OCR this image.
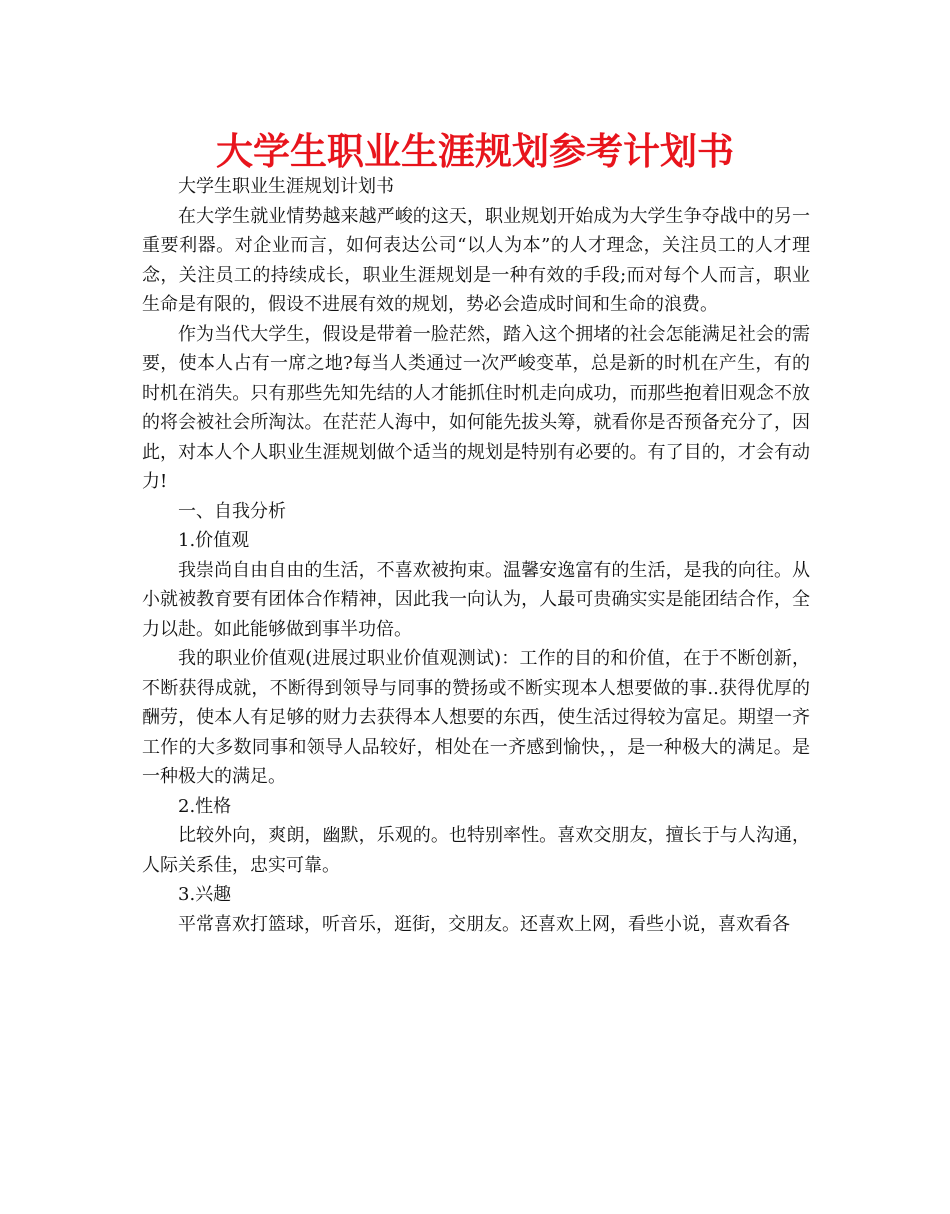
大学生职业生涯规划参考计划书

大学生职业生涯规划计划书

在大学生就业情势越来越严峻的这天，职业规划开始成为大学生争夺战中的另一重要利器。对企业而言，如何表达公司“以人为本”的人才理念，关注员工的人才理念，关注员工的持续成长，职业生涯规划是一种有效的手段;而对每个人而言，职业生命是有限的，假设不进展有效的规划，势必会造成时间和生命的浪费。

作为当代大学生，假设是带着一脸茫然，踏入这个拥堵的社会怎能满足社会的需要，使本人占有一席之地?每当人类通过一次严峻变革，总是新的时机在产生，有的时机在消失。只有那些先知先结的人才能抓住时机走向成功，而那些抱着旧观念不放的将会被社会所淘汰。在茫茫人海中，如何能先拔头筹，就看你是否预备充分了，因此，对本人个人职业生涯规划做个适当的规划是特别有必要的。有了目的，才会有动力!

一、自我分析

1.价值观

我崇尚自由自由的生活，不喜欢被拘束。温馨安逸富有的生活，是我的向往。从小就被教育要有团体合作精神，因此我一向认为，人最可贵确实实是能团结合作，全力以赴。如此能够做到事半功倍。

我的职业价值观(进展过职业价值观测试)：工作的目的和价值，在于不断创新，不断获得成就，不断得到领导与同事的赞扬或不断实现本人想要做的事..获得优厚的酬劳，使本人有足够的财力去获得本人想要的东西，使生活过得较为富足。期望一齐工作的大多数同事和领导人品较好，相处在一齐感到愉快，，是一种极大的满足。是一种极大的满足。

2.性格

比较外向，爽朗，幽默，乐观的。也特别率性。喜欢交朋友，擅长于与人沟通，人际关系佳，忠实可靠。

3.兴趣

平常喜欢打篮球，听音乐，逛街，交朋友。还喜欢上网，看些小说，喜欢看各
